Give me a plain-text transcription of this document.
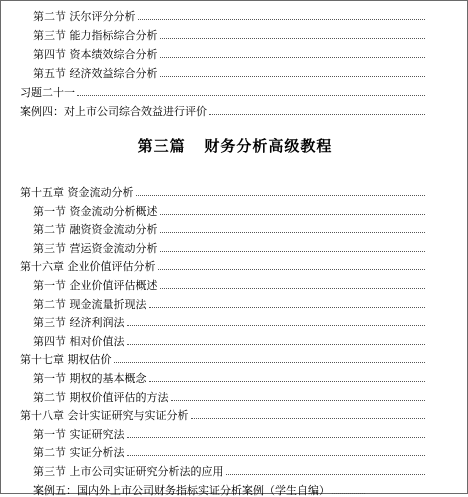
第二节 沃尔评分分析
第三节 能力指标综合分析
第四节 资本绩效综合分析
第五节 经济效益综合分析
习题二十一
案例四：对上市公司综合效益进行评价
第三篇   财务分析高级教程
第十五章 资金流动分析
第一节 资金流动分析概述
第二节 融资资金流动分析
第三节 营运资金流动分析
第十六章 企业价值评估分析
第一节 企业价值评估概述
第二节 现金流量折现法
第三节 经济利润法
第四节 相对价值法
第十七章 期权估价
第一节 期权的基本概念
第二节 期权价值评估的方法
第十八章 会计实证研究与实证分析
第一节 实证研究法
第二节 实证分析法
第三节 上市公司实证研究分析法的应用
案例五：国内外上市公司财务指标实证分析案例（学生自编）
